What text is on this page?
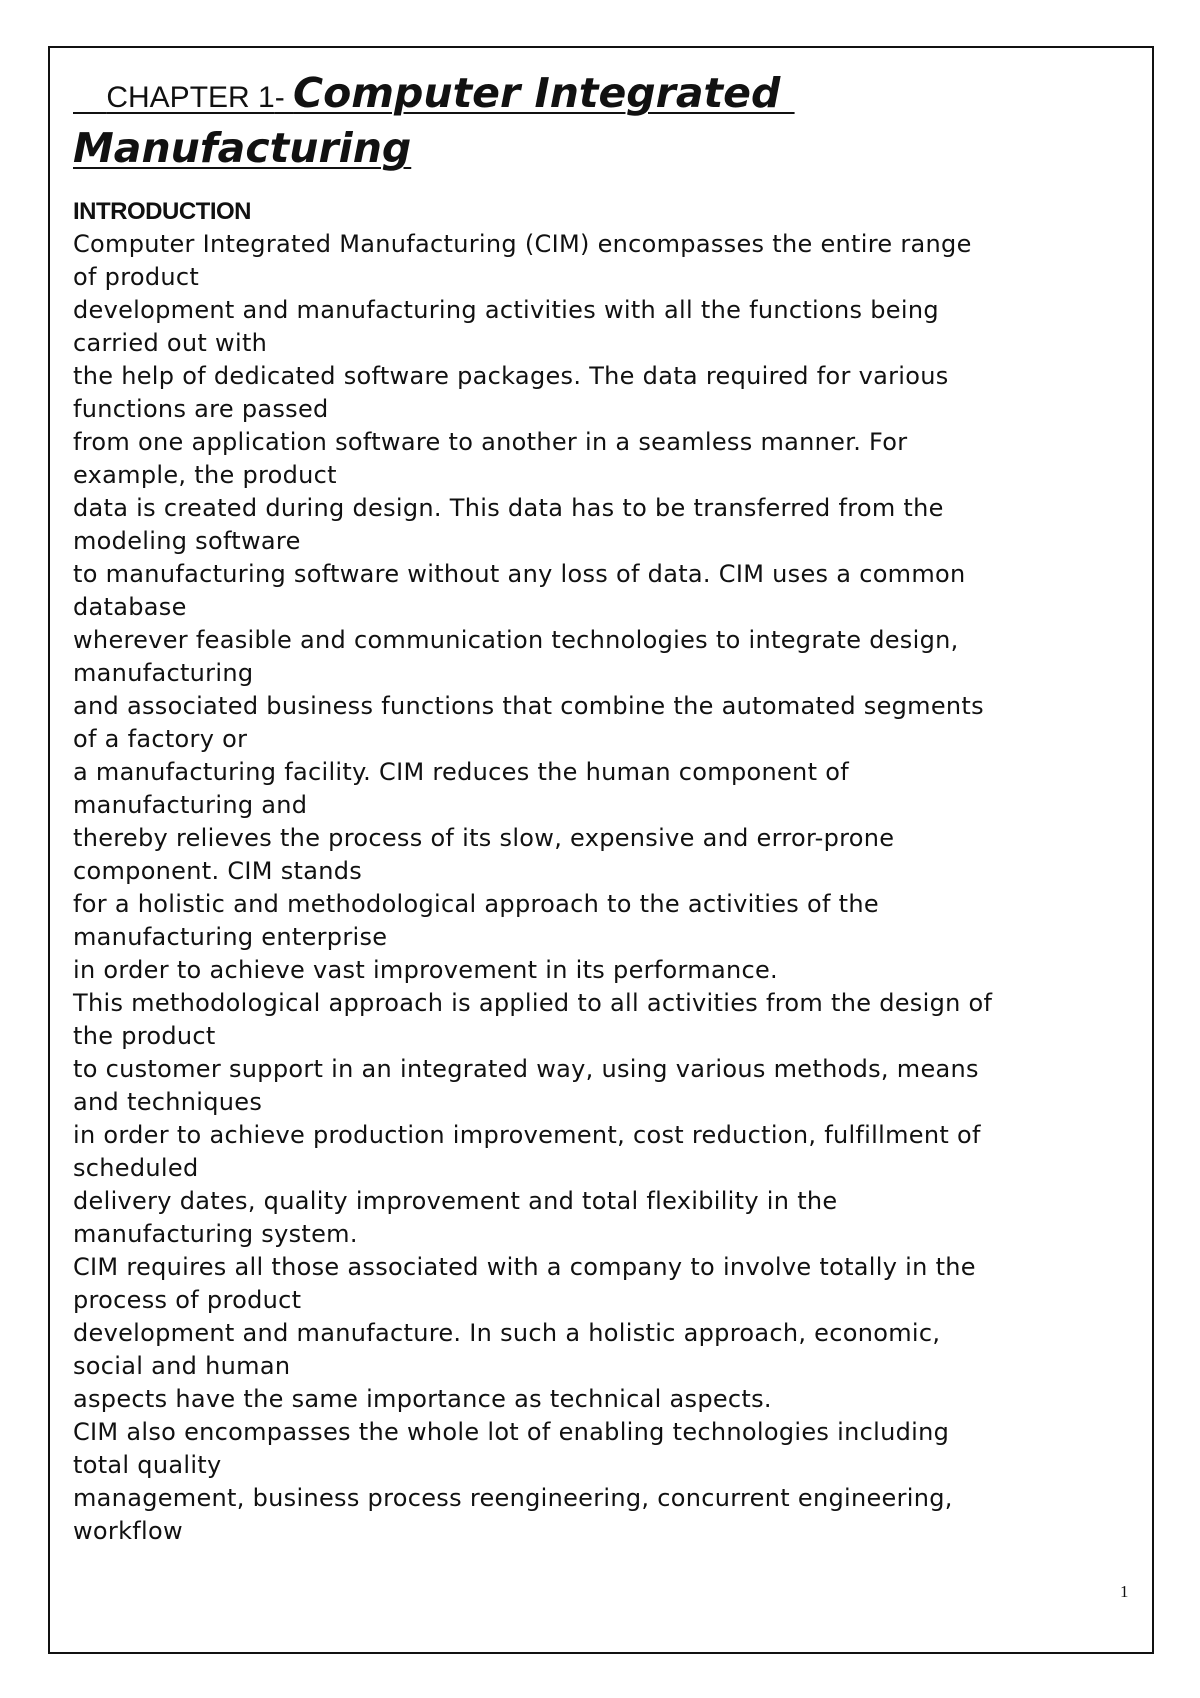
CHAPTER 1- Computer Integrated
Manufacturing
INTRODUCTION
Computer Integrated Manufacturing (CIM) encompasses the entire range
of product
development and manufacturing activities with all the functions being
carried out with
the help of dedicated software packages. The data required for various
functions are passed
from one application software to another in a seamless manner. For
example, the product
data is created during design. This data has to be transferred from the
modeling software
to manufacturing software without any loss of data. CIM uses a common
database
wherever feasible and communication technologies to integrate design,
manufacturing
and associated business functions that combine the automated segments
of a factory or
a manufacturing facility. CIM reduces the human component of
manufacturing and
thereby relieves the process of its slow, expensive and error-prone
component. CIM stands
for a holistic and methodological approach to the activities of the
manufacturing enterprise
in order to achieve vast improvement in its performance.
This methodological approach is applied to all activities from the design of
the product
to customer support in an integrated way, using various methods, means
and techniques
in order to achieve production improvement, cost reduction, fulfillment of
scheduled
delivery dates, quality improvement and total flexibility in the
manufacturing system.
CIM requires all those associated with a company to involve totally in the
process of product
development and manufacture. In such a holistic approach, economic,
social and human
aspects have the same importance as technical aspects.
CIM also encompasses the whole lot of enabling technologies including
total quality
management, business process reengineering, concurrent engineering,
workflow
1
